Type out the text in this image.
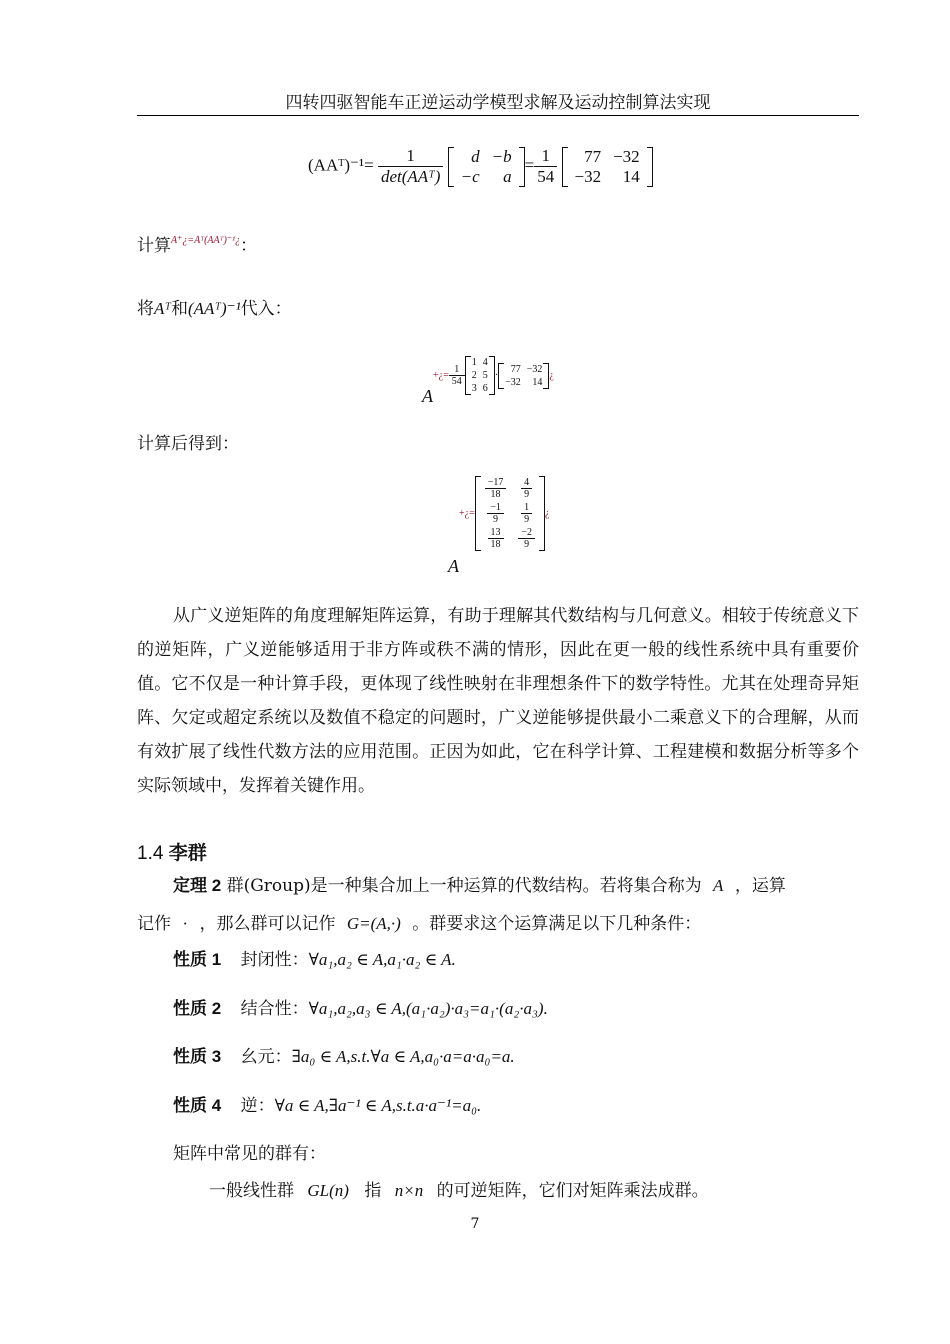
四转四驱智能车正逆运动学模型求解及运动控制算法实现
(AAᵀ)⁻¹= $\frac{1}{\text{det(AAᵀ)}}$
d	−b
−c	a
= $\frac{1}{54}$
77	−32
−32	14
计算$^{A^+¿=Aᵀ(AAᵀ)^{-1}¿}$：
将Aᵀ和(AAᵀ)⁻¹代入：
+¿= $\frac{1}{54}$
1	4
2	5
3	6
·
77	−32
−32	14
¿
A
计算后得到：
+¿=
$\frac{-17}{18}$	$\frac{4}{9}$

$\frac{-1}{9}$	$\frac{1}{9}$

$\frac{13}{18}$	$\frac{-2}{9}$
¿
A
从广义逆矩阵的角度理解矩阵运算，有助于理解其代数结构与几何意义。相较于传统意义下的逆矩阵，广义逆能够适用于非方阵或秩不满的情形，因此在更一般的线性系统中具有重要价值。它不仅是一种计算手段，更体现了线性映射在非理想条件下的数学特性。尤其在处理奇异矩阵、欠定或超定系统以及数值不稳定的问题时，广义逆能够提供最小二乘意义下的合理解，从而有效扩展了线性代数方法的应用范围。正因为如此，它在科学计算、工程建模和数据分析等多个实际领域中，发挥着关键作用。
1.4 李群
定理 2 群(Group)是一种集合加上一种运算的代数结构。若将集合称为 A ，运算
记作 · ，那么群可以记作 G=(A,·) 。群要求这个运算满足以下几种条件：
性质 1 封闭性：∀a₁,a₂ ∈ A,a₁·a₂ ∈ A.
性质 2 结合性：∀a₁,a₂,a₃ ∈ A,(a₁·a₂)·a₃=a₁·(a₂·a₃).
性质 3 幺元：∃a₀ ∈ A,s.t.∀a ∈ A,a₀·a=a·a₀=a.
性质 4 逆：∀a ∈ A,∃a⁻¹ ∈ A,s.t.a·a⁻¹=a₀.
矩阵中常见的群有：
一般线性群 GL(n) 指 n×n 的可逆矩阵，它们对矩阵乘法成群。
7
